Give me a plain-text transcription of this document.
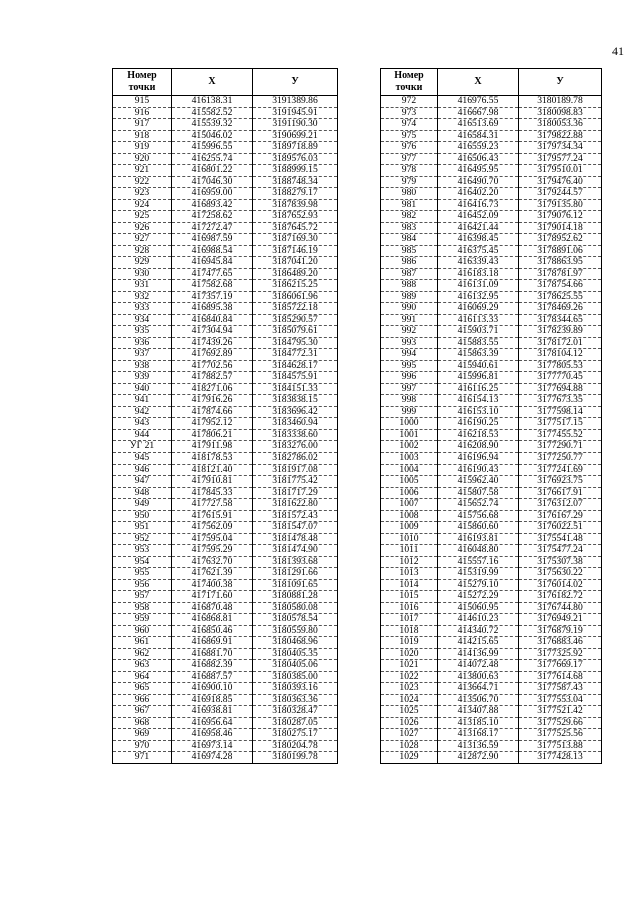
41
Номер точки	X	У
915	416138.31	3191389.86
916	415582.52	3191945.91
917	415539.32	3191190.30
918	415046.02	3190699.21
919	415996.55	3189718.89
920	416255.74	3189576.03
921	416801.22	3188999.15
922	417046.30	3188748.34
923	416959.00	3188279.17
924	416893.42	3187839.98
925	417258.62	3187652.93
926	417272.47	3187645.72
927	416987.59	3187169.30
928	416988.54	3187146.19
929	416945.84	3187041.20
930	417477.65	3186489.20
931	417582.68	3186215.25
932	417357.19	3186061.96
933	416895.38	3185722.18
934	416840.84	3185290.57
935	417304.94	3185079.61
936	417439.26	3184795.30
937	417692.89	3184772.31
938	417702.56	3184628.17
939	417882.57	3184575.91
940	418271.06	3184151.33
941	417916.26	3183838.15
942	417874.66	3183696.42
943	417952.12	3183460.94
944	417806.21	3183338.60
УГ 21	417911.98	3183276.00
945	418178.53	3182786.02
946	418121.40	3181917.08
947	417910.81	3181775.42
948	417845.33	3181717.29
949	417727.58	3181622.80
950	417615.91	3181572.43
951	417562.09	3181547.07
952	417595.04	3181478.48
953	417595.29	3181474.90
954	417632.70	3181393.68
955	417621.39	3181291.66
956	417400.38	3181091.65
957	417171.60	3180881.28
958	416870.48	3180580.08
959	416868.81	3180578.54
960	416850.46	3180559.80
961	416869.91	3180468.96
962	416881.70	3180405.35
963	416882.39	3180405.06
964	416887.57	3180385.00
965	416900.10	3180393.16
966	416918.85	3180363.36
967	416938.81	3180328.47
968	416956.64	3180287.05
969	416958.46	3180275.17
970	416973.14	3180204.78
971	416974.28	3180199.78
Номер точки	X	У
972	416976.55	3180189.78
973	416667.98	3180098.83
974	416513.69	3180053.36
975	416584.31	3179822.88
976	416559.23	3179734.34
977	416506.43	3179577.24
978	416495.95	3179510.01
979	416490.70	3179476.40
980	416402.20	3179244.57
981	416416.73	3179135.80
982	416452.09	3179076.12
983	416421.44	3179014.18
984	416398.45	3178952.62
985	416375.45	3178891.06
986	416339.43	3178863.95
987	416183.18	3178781.97
988	416131.09	3178754.66
989	416132.95	3178625.55
990	416069.29	3178469.26
991	416113.33	3178344.65
992	415903.71	3178239.89
993	415883.55	3178172.01
994	415863.39	3178104.12
995	415940.61	3177805.53
996	415996.81	3177770.45
997	416116.25	3177694.88
998	416154.13	3177673.35
999	416153.10	3177598.14
1000	416190.25	3177517.15
1001	416218.53	3177455.52
1002	416208.90	3177290.71
1003	416196.94	3177250.77
1004	416190.43	3177241.69
1005	415962.40	3176923.75
1006	415807.58	3176617.91
1007	415652.74	3176312.07
1008	415756.68	3176167.29
1009	415860.60	3176022.51
1010	416193.81	3175541.48
1011	416048.80	3175477.24
1012	415557.16	3175307.38
1013	415319.99	3175630.22
1014	415279.10	3176014.02
1015	415272.29	3176182.72
1016	415060.95	3176744.80
1017	414610.23	3176949.21
1018	414340.72	3176879.19
1019	414215.65	3176883.46
1020	414136.99	3177325.92
1021	414072.48	3177669.17
1022	413800.63	3177614.68
1023	413664.71	3177587.43
1024	413506.70	3177553.04
1025	413407.88	3177521.42
1026	413185.10	3177529.66
1027	413168.17	3177525.56
1028	413136.59	3177513.88
1029	412872.90	3177428.13
